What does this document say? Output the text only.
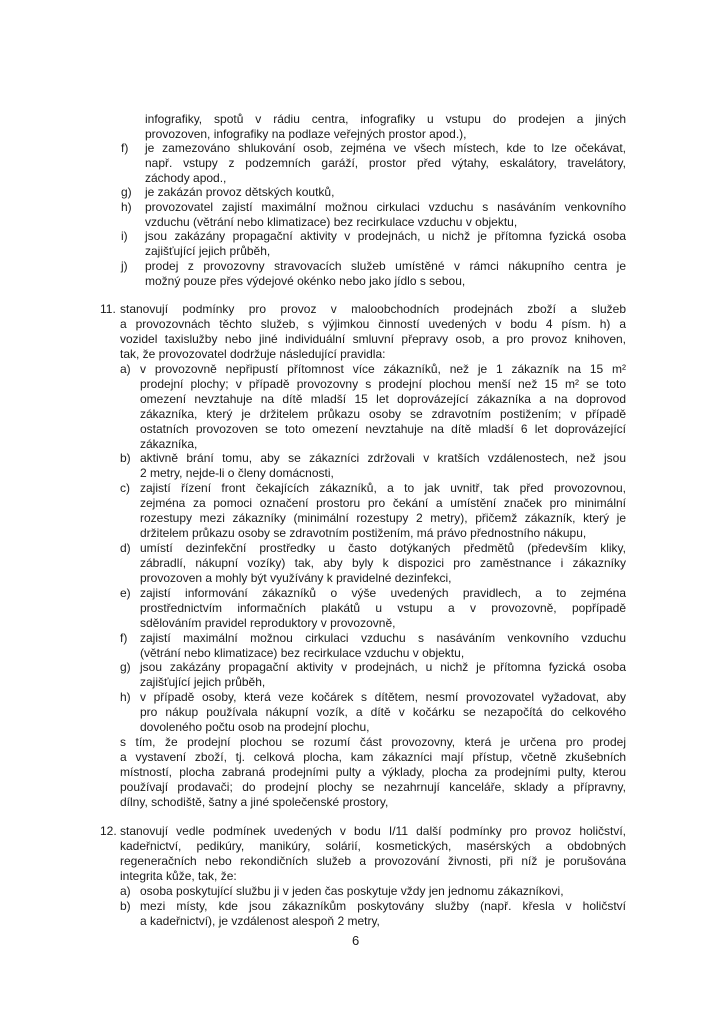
infografiky, spotů v rádiu centra, infografiky u vstupu do prodejen a jiných
provozoven, infografiky na podlaze veřejných prostor apod.),
f) je zamezováno shlukování osob, zejména ve všech místech, kde to lze očekávat,
např. vstupy z podzemních garáží, prostor před výtahy, eskalátory, travelátory,
záchody apod.,
g) je zakázán provoz dětských koutků,
h) provozovatel zajistí maximální možnou cirkulaci vzduchu s nasáváním venkovního
vzduchu (větrání nebo klimatizace) bez recirkulace vzduchu v objektu,
i) jsou zakázány propagační aktivity v prodejnách, u nichž je přítomna fyzická osoba
zajišťující jejich průběh,
j) prodej z provozovny stravovacích služeb umístěné v rámci nákupního centra je
možný pouze přes výdejové okénko nebo jako jídlo s sebou,
11. stanovují podmínky pro provoz v maloobchodních prodejnách zboží a služeb
a provozovnách těchto služeb, s výjimkou činností uvedených v bodu 4 písm. h) a
vozidel taxislužby nebo jiné individuální smluvní přepravy osob, a pro provoz knihoven,
tak, že provozovatel dodržuje následující pravidla:
a) v provozovně nepřipustí přítomnost více zákazníků, než je 1 zákazník na 15 m²
prodejní plochy; v případě provozovny s prodejní plochou menší než 15 m² se toto
omezení nevztahuje na dítě mladší 15 let doprovázející zákazníka a na doprovod
zákazníka, který je držitelem průkazu osoby se zdravotním postižením; v případě
ostatních provozoven se toto omezení nevztahuje na dítě mladší 6 let doprovázející
zákazníka,
b) aktivně brání tomu, aby se zákazníci zdržovali v kratších vzdálenostech, než jsou
2 metry, nejde-li o členy domácnosti,
c) zajistí řízení front čekajících zákazníků, a to jak uvnitř, tak před provozovnou,
zejména za pomoci označení prostoru pro čekání a umístění značek pro minimální
rozestupy mezi zákazníky (minimální rozestupy 2 metry), přičemž zákazník, který je
držitelem průkazu osoby se zdravotním postižením, má právo přednostního nákupu,
d) umístí dezinfekční prostředky u často dotýkaných předmětů (především kliky,
zábradlí, nákupní vozíky) tak, aby byly k dispozici pro zaměstnance i zákazníky
provozoven a mohly být využívány k pravidelné dezinfekci,
e) zajistí informování zákazníků o výše uvedených pravidlech, a to zejména
prostřednictvím informačních plakátů u vstupu a v provozovně, popřípadě
sdělováním pravidel reproduktory v provozovně,
f) zajistí maximální možnou cirkulaci vzduchu s nasáváním venkovního vzduchu
(větrání nebo klimatizace) bez recirkulace vzduchu v objektu,
g) jsou zakázány propagační aktivity v prodejnách, u nichž je přítomna fyzická osoba
zajišťující jejich průběh,
h) v případě osoby, která veze kočárek s dítětem, nesmí provozovatel vyžadovat, aby
pro nákup používala nákupní vozík, a dítě v kočárku se nezapočítá do celkového
dovoleného počtu osob na prodejní plochu,
s tím, že prodejní plochou se rozumí část provozovny, která je určena pro prodej
a vystavení zboží, tj. celková plocha, kam zákazníci mají přístup, včetně zkušebních
místností, plocha zabraná prodejními pulty a výklady, plocha za prodejními pulty, kterou
používají prodavači; do prodejní plochy se nezahrnují kanceláře, sklady a přípravny,
dílny, schodiště, šatny a jiné společenské prostory,
12. stanovují vedle podmínek uvedených v bodu I/11 další podmínky pro provoz holičství,
kadeřnictví, pedikúry, manikúry, solárií, kosmetických, masérských a obdobných
regeneračních nebo rekondičních služeb a provozování živnosti, při níž je porušována
integrita kůže, tak, že:
a) osoba poskytující službu ji v jeden čas poskytuje vždy jen jednomu zákazníkovi,
b) mezi místy, kde jsou zákazníkům poskytovány služby (např. křesla v holičství
a kadeřnictví), je vzdálenost alespoň 2 metry,
6
